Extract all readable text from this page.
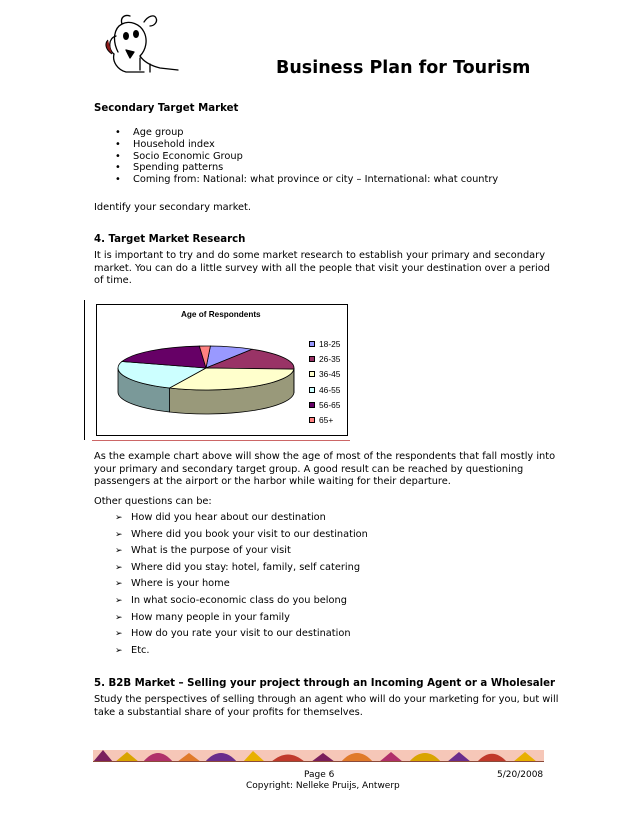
Business Plan for Tourism
Secondary Target Market
• Age group
• Household index
• Socio Economic Group
• Spending patterns
• Coming from: National: what province or city – International: what country
Identify your secondary market.
4. Target Market Research
It is important to try and do some market research to establish your primary and secondary
market. You can do a little survey with all the people that visit your destination over a period
of time.
Age of Respondents
18-25
26-35
36-45
46-55
56-65
65+
As the example chart above will show the age of most of the respondents that fall mostly into
your primary and secondary target group. A good result can be reached by questioning
passengers at the airport or the harbor while waiting for their departure.
Other questions can be:
➢ How did you hear about our destination
➢ Where did you book your visit to our destination
➢ What is the purpose of your visit
➢ Where did you stay: hotel, family, self catering
➢ Where is your home
➢ In what socio-economic class do you belong
➢ How many people in your family
➢ How do you rate your visit to our destination
➢ Etc.
5. B2B Market – Selling your project through an Incoming Agent or a Wholesaler
Study the perspectives of selling through an agent who will do your marketing for you, but will
take a substantial share of your profits for themselves.
Page 6	5/20/2008
Copyright: Nelleke Pruijs, Antwerp
